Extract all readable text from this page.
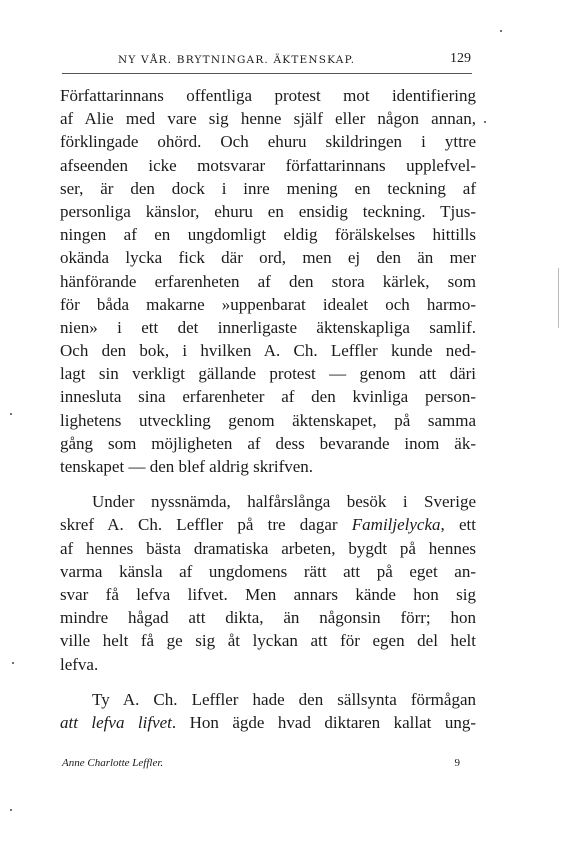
NY VÅR. BRYTNINGAR. ÄKTENSKAP.	129
Författarinnans offentliga protest mot identifiering
af Alie med vare sig henne själf eller någon annan,
förklingade ohörd. Och ehuru skildringen i yttre
afseenden icke motsvarar författarinnans upplefvel-
ser, är den dock i inre mening en teckning af
personliga känslor, ehuru en ensidig teckning. Tjus-
ningen af en ungdomligt eldig förälskelses hittills
okända lycka fick där ord, men ej den än mer
hänförande erfarenheten af den stora kärlek, som
för båda makarne »uppenbarat idealet och harmo-
nien» i ett det innerligaste äktenskapliga samlif.
Och den bok, i hvilken A. Ch. Leffler kunde ned-
lagt sin verkligt gällande protest — genom att däri
innesluta sina erfarenheter af den kvinliga person-
lighetens utveckling genom äktenskapet, på samma
gång som möjligheten af dess bevarande inom äk-
tenskapet — den blef aldrig skrifven.
Under nyssnämda, halfårslånga besök i Sverige
skref A. Ch. Leffler på tre dagar Familjelycka, ett
af hennes bästa dramatiska arbeten, bygdt på hennes
varma känsla af ungdomens rätt att på eget an-
svar få lefva lifvet. Men annars kände hon sig
mindre hågad att dikta, än någonsin förr; hon
ville helt få ge sig åt lyckan att för egen del helt
lefva.
Ty A. Ch. Leffler hade den sällsynta förmågan
att lefva lifvet. Hon ägde hvad diktaren kallat ung-
Anne Charlotte Leffler.	9
